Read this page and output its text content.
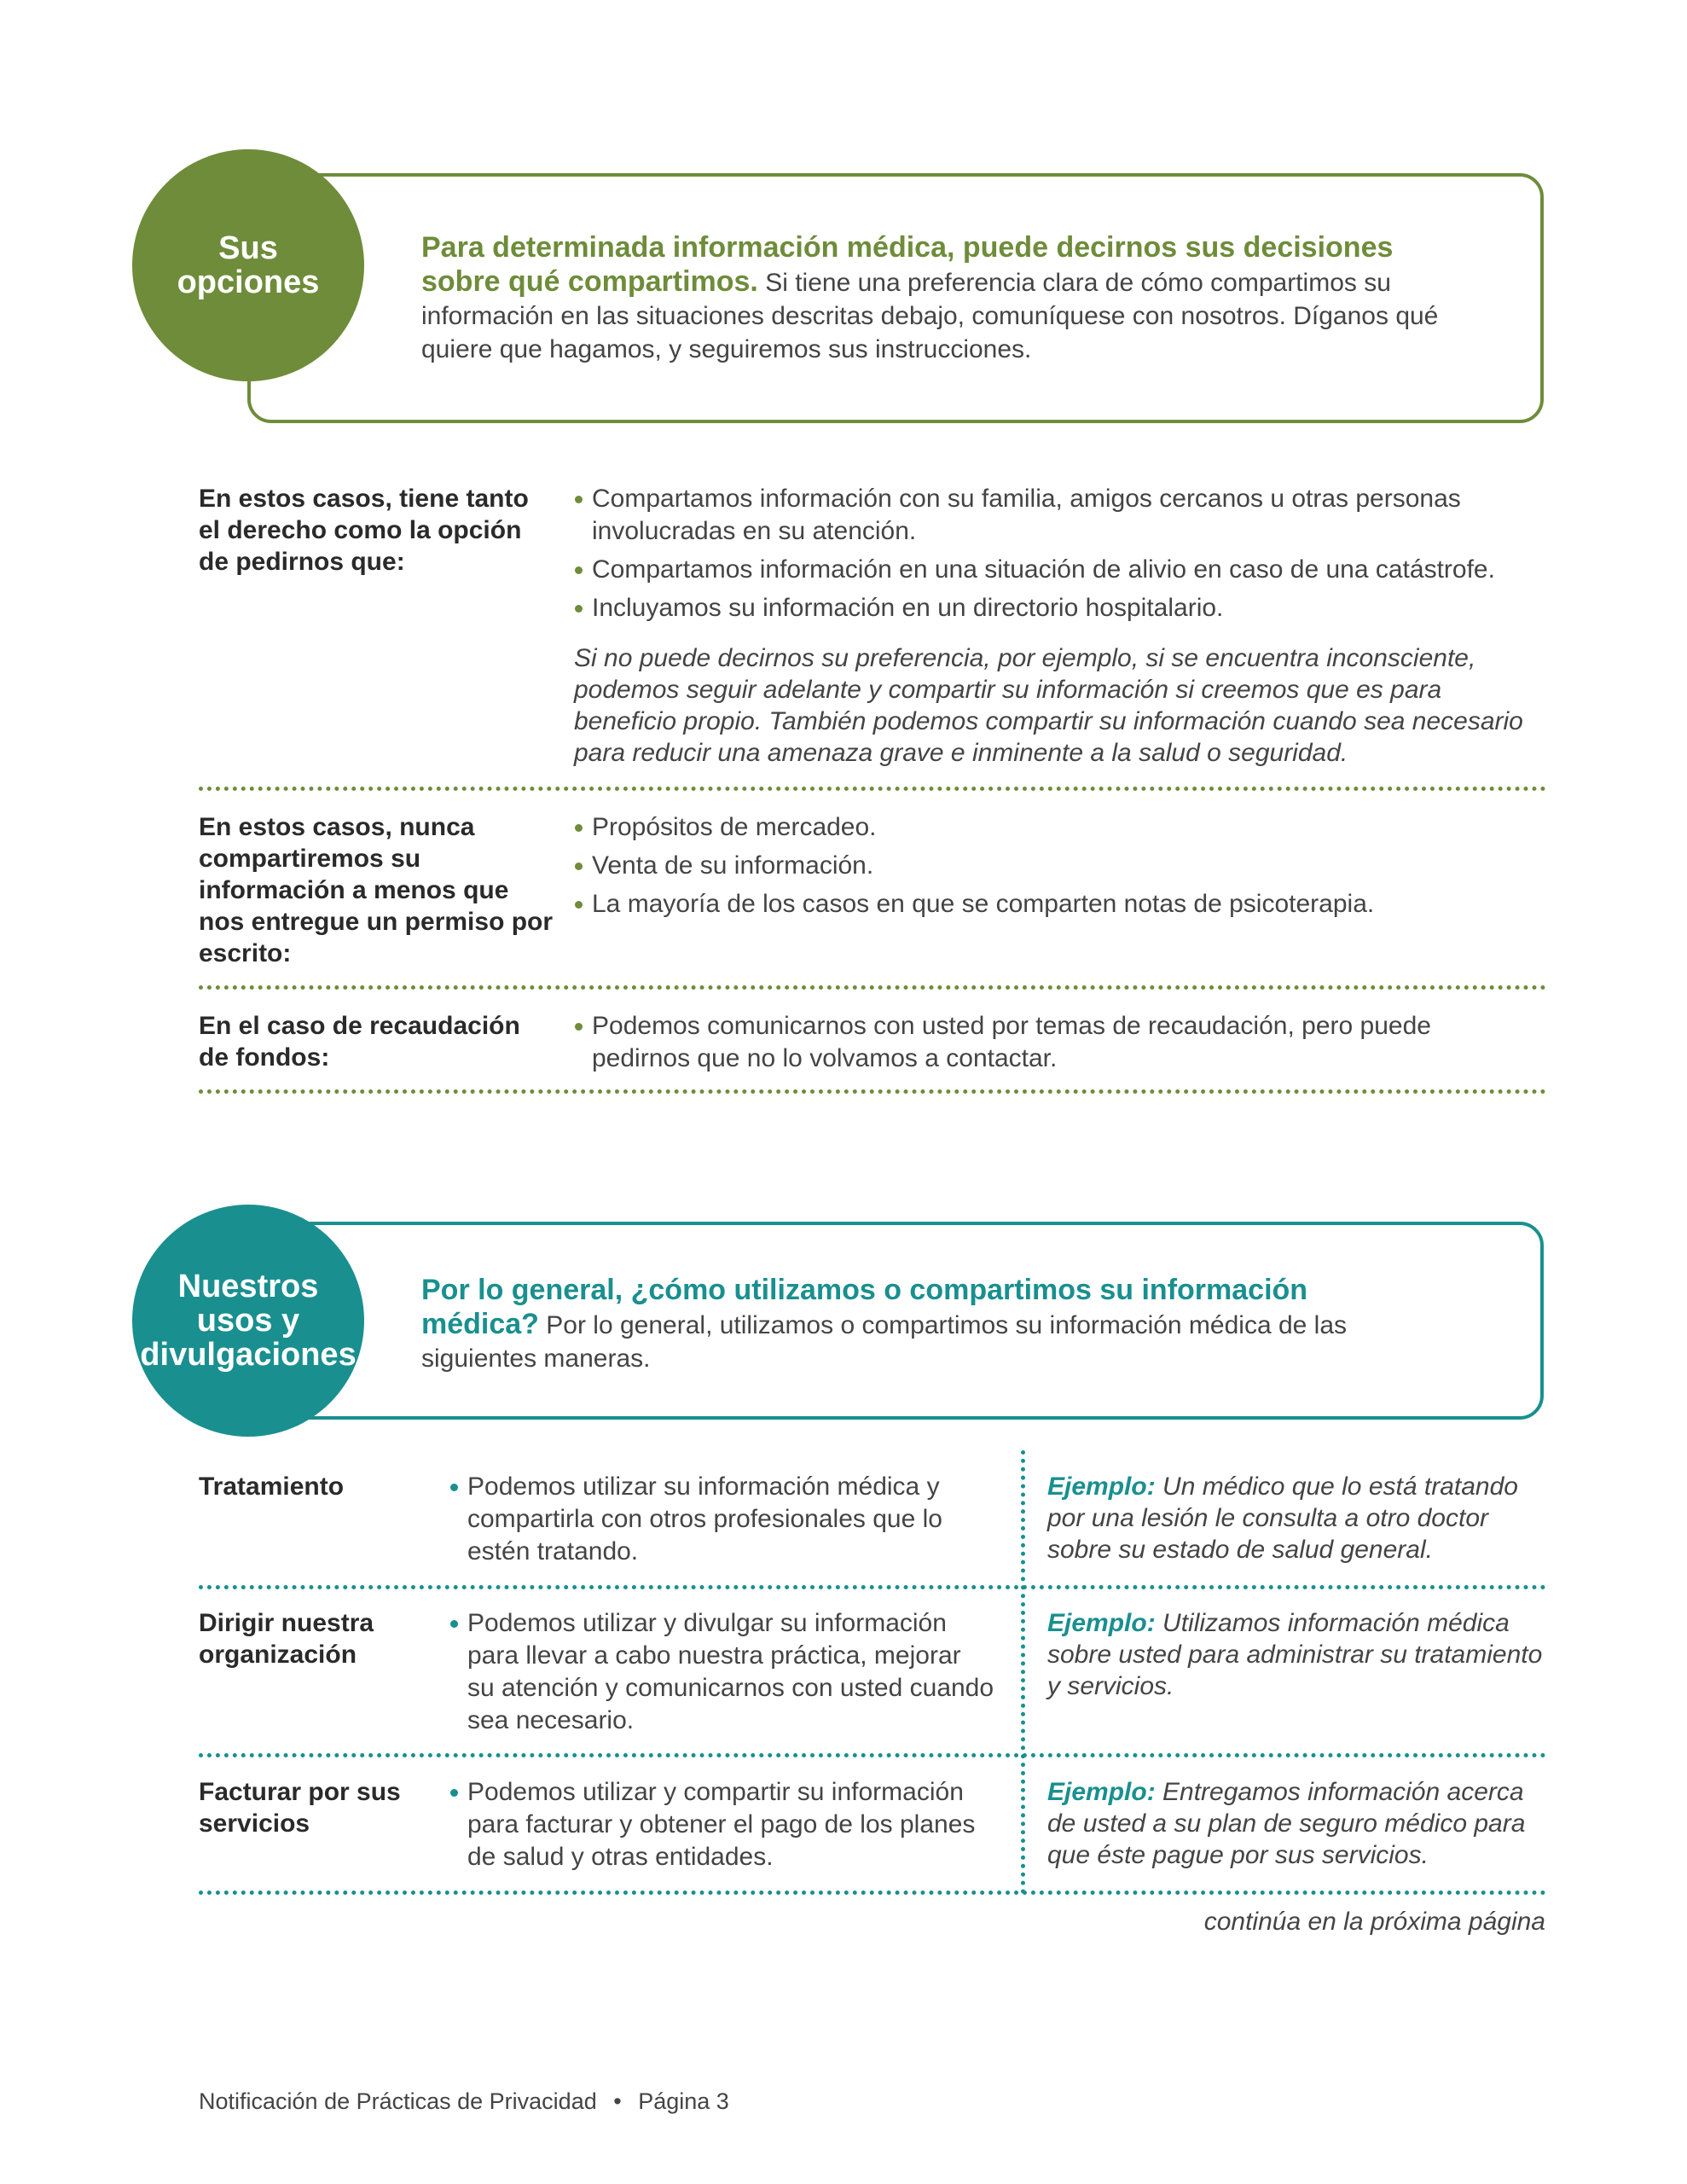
Sus opciones
Para determinada información médica, puede decirnos sus decisiones sobre qué compartimos. Si tiene una preferencia clara de cómo compartimos su información en las situaciones descritas debajo, comuníquese con nosotros. Díganos qué quiere que hagamos, y seguiremos sus instrucciones.
En estos casos, tiene tanto el derecho como la opción de pedirnos que:
Compartamos información con su familia, amigos cercanos u otras personas involucradas en su atención.
Compartamos información en una situación de alivio en caso de una catástrofe.
Incluyamos su información en un directorio hospitalario.
Si no puede decirnos su preferencia, por ejemplo, si se encuentra inconsciente, podemos seguir adelante y compartir su información si creemos que es para beneficio propio. También podemos compartir su información cuando sea necesario para reducir una amenaza grave e inminente a la salud o seguridad.
En estos casos, nunca compartiremos su información a menos que nos entregue un permiso por escrito:
Propósitos de mercadeo.
Venta de su información.
La mayoría de los casos en que se comparten notas de psicoterapia.
En el caso de recaudación de fondos:
Podemos comunicarnos con usted por temas de recaudación, pero puede pedirnos que no lo volvamos a contactar.
Nuestros usos y divulgaciones
Por lo general, ¿cómo utilizamos o compartimos su información médica? Por lo general, utilizamos o compartimos su información médica de las siguientes maneras.
Tratamiento	Podemos utilizar su información médica y compartirla con otros profesionales que lo estén tratando.
Ejemplo: Un médico que lo está tratando por una lesión le consulta a otro doctor sobre su estado de salud general.
Dirigir nuestra organización
Podemos utilizar y divulgar su información para llevar a cabo nuestra práctica, mejorar su atención y comunicarnos con usted cuando sea necesario.
Ejemplo: Utilizamos información médica sobre usted para administrar su tratamiento y servicios.
Facturar por sus servicios
Podemos utilizar y compartir su información para facturar y obtener el pago de los planes de salud y otras entidades.
Ejemplo: Entregamos información acerca de usted a su plan de seguro médico para que éste pague por sus servicios.
continúa en la próxima página
Notificación de Prácticas de Privacidad • Página 3
